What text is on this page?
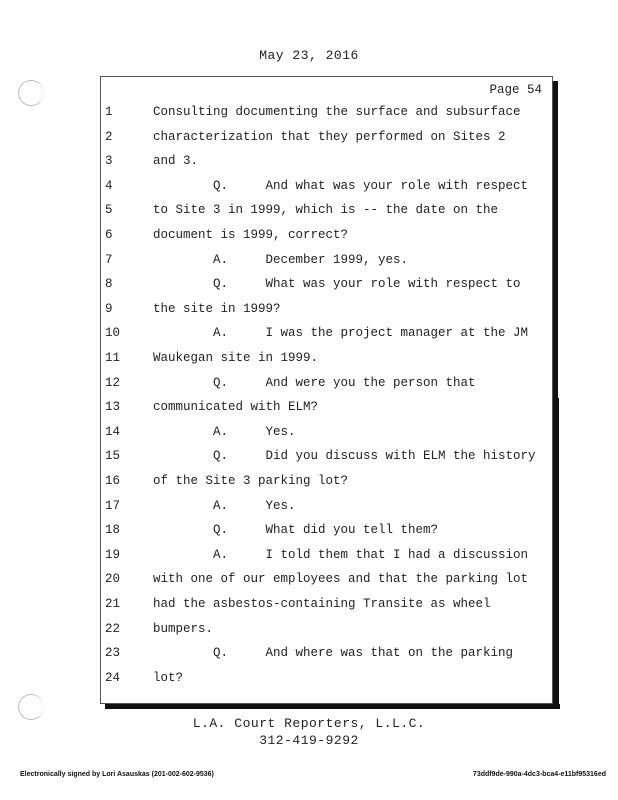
May 23, 2016
Page 54
1	Consulting documenting the surface and subsurface
2	characterization that they performed on Sites 2
3	and 3.
4	Q.     And what was your role with respect
5	to Site 3 in 1999, which is -- the date on the
6	document is 1999, correct?
7	A.     December 1999, yes.
8	Q.     What was your role with respect to
9	the site in 1999?
10	A.     I was the project manager at the JM
11	Waukegan site in 1999.
12	Q.     And were you the person that
13	communicated with ELM?
14	A.     Yes.
15	Q.     Did you discuss with ELM the history
16	of the Site 3 parking lot?
17	A.     Yes.
18	Q.     What did you tell them?
19	A.     I told them that I had a discussion
20	with one of our employees and that the parking lot
21	had the asbestos-containing Transite as wheel
22	bumpers.
23	Q.     And where was that on the parking
24	lot?
L.A. Court Reporters, L.L.C.
312-419-9292
Electronically signed by Lori Asauskas (201-002-602-9536)	73ddf9de-990a-4dc3-bca4-e11bf95316ed
